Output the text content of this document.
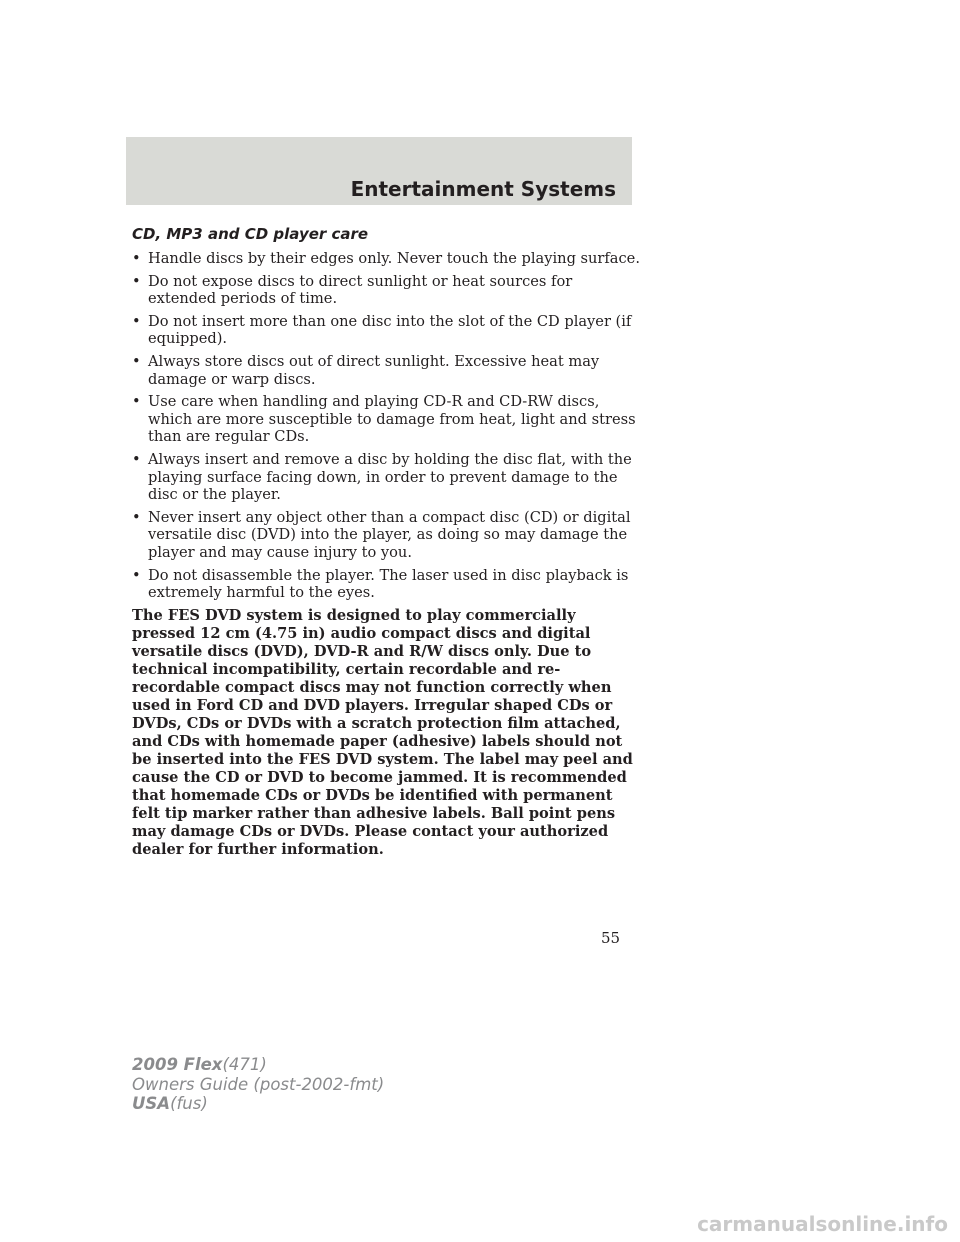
Entertainment Systems
CD, MP3 and CD player care
• Handle discs by their edges only. Never touch the playing surface.
• Do not expose discs to direct sunlight or heat sources for extended periods of time.
• Do not insert more than one disc into the slot of the CD player (if equipped).
• Always store discs out of direct sunlight. Excessive heat may damage or warp discs.
• Use care when handling and playing CD-R and CD-RW discs, which are more susceptible to damage from heat, light and stress than are regular CDs.
• Always insert and remove a disc by holding the disc flat, with the playing surface facing down, in order to prevent damage to the disc or the player.
• Never insert any object other than a compact disc (CD) or digital versatile disc (DVD) into the player, as doing so may damage the player and may cause injury to you.
• Do not disassemble the player. The laser used in disc playback is extremely harmful to the eyes.

The FES DVD system is designed to play commercially pressed 12 cm (4.75 in) audio compact discs and digital versatile discs (DVD), DVD-R and R/W discs only. Due to technical incompatibility, certain recordable and re-recordable compact discs may not function correctly when used in Ford CD and DVD players. Irregular shaped CDs or DVDs, CDs or DVDs with a scratch protection film attached, and CDs with homemade paper (adhesive) labels should not be inserted into the FES DVD system. The label may peel and cause the CD or DVD to become jammed. It is recommended that homemade CDs or DVDs be identified with permanent felt tip marker rather than adhesive labels. Ball point pens may damage CDs or DVDs. Please contact your authorized dealer for further information.

55
2009 Flex(471)
Owners Guide (post-2002-fmt)
USA(fus)
carmanualsonline.info
